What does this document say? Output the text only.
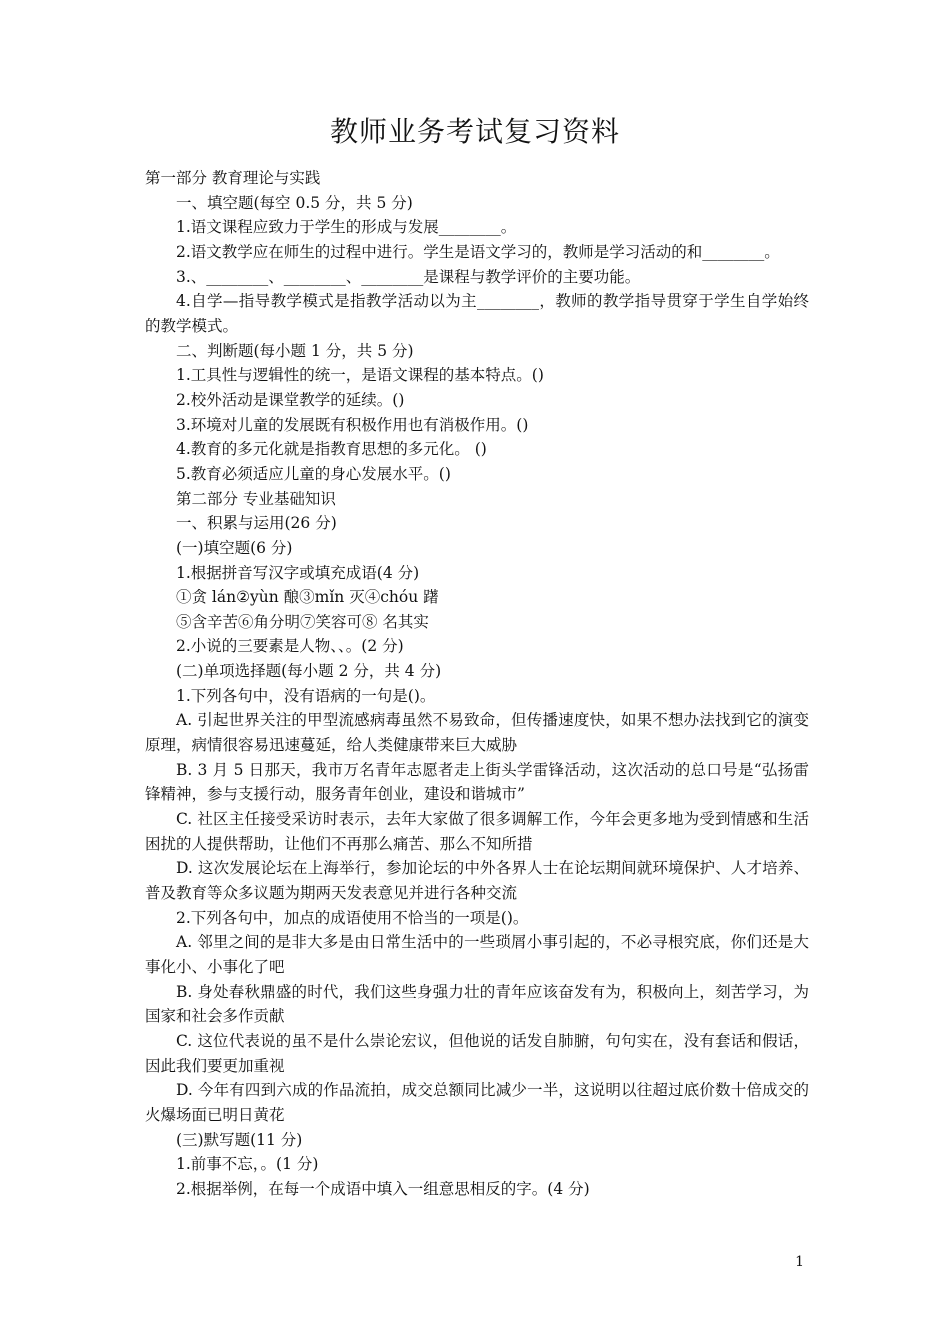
教师业务考试复习资料
第一部分 教育理论与实践
一、填空题(每空 0.5 分，共 5 分)
1.语文课程应致力于学生的形成与发展________。
2.语文教学应在师生的过程中进行。学生是语文学习的，教师是学习活动的和________。
3.、________、________、________是课程与教学评价的主要功能。
4.自学—指导教学模式是指教学活动以为主________，教师的教学指导贯穿于学生自学始终的教学模式。
二、判断题(每小题 1 分，共 5 分)
1.工具性与逻辑性的统一，是语文课程的基本特点。()
2.校外活动是课堂教学的延续。()
3.环境对儿童的发展既有积极作用也有消极作用。()
4.教育的多元化就是指教育思想的多元化。 ()
5.教育必须适应儿童的身心发展水平。()
第二部分 专业基础知识
一、积累与运用(26 分)
(一)填空题(6 分)
1.根据拼音写汉字或填充成语(4 分)
①贪 lán②yùn 酿③mǐn 灭④chóu 躇
⑤含辛苦⑥角分明⑦笑容可⑧ 名其实
2.小说的三要素是人物、、。(2 分)
(二)单项选择题(每小题 2 分，共 4 分)
1.下列各句中，没有语病的一句是()。
A. 引起世界关注的甲型流感病毒虽然不易致命，但传播速度快，如果不想办法找到它的演变原理，病情很容易迅速蔓延，给人类健康带来巨大威胁
B. 3 月 5 日那天，我市万名青年志愿者走上街头学雷锋活动，这次活动的总口号是“弘扬雷锋精神，参与支援行动，服务青年创业，建设和谐城市”
C. 社区主任接受采访时表示，去年大家做了很多调解工作，今年会更多地为受到情感和生活困扰的人提供帮助，让他们不再那么痛苦、那么不知所措
D. 这次发展论坛在上海举行，参加论坛的中外各界人士在论坛期间就环境保护、人才培养、普及教育等众多议题为期两天发表意见并进行各种交流
2.下列各句中，加点的成语使用不恰当的一项是()。
A. 邻里之间的是非大多是由日常生活中的一些琐屑小事引起的，不必寻根究底，你们还是大事化小、小事化了吧
B. 身处春秋鼎盛的时代，我们这些身强力壮的青年应该奋发有为，积极向上，刻苦学习，为国家和社会多作贡献
C. 这位代表说的虽不是什么崇论宏议，但他说的话发自肺腑，句句实在，没有套话和假话，因此我们要更加重视
D. 今年有四到六成的作品流拍，成交总额同比减少一半，这说明以往超过底价数十倍成交的火爆场面已明日黄花
(三)默写题(11 分)
1.前事不忘，。(1 分)
2.根据举例，在每一个成语中填入一组意思相反的字。(4 分)
1
